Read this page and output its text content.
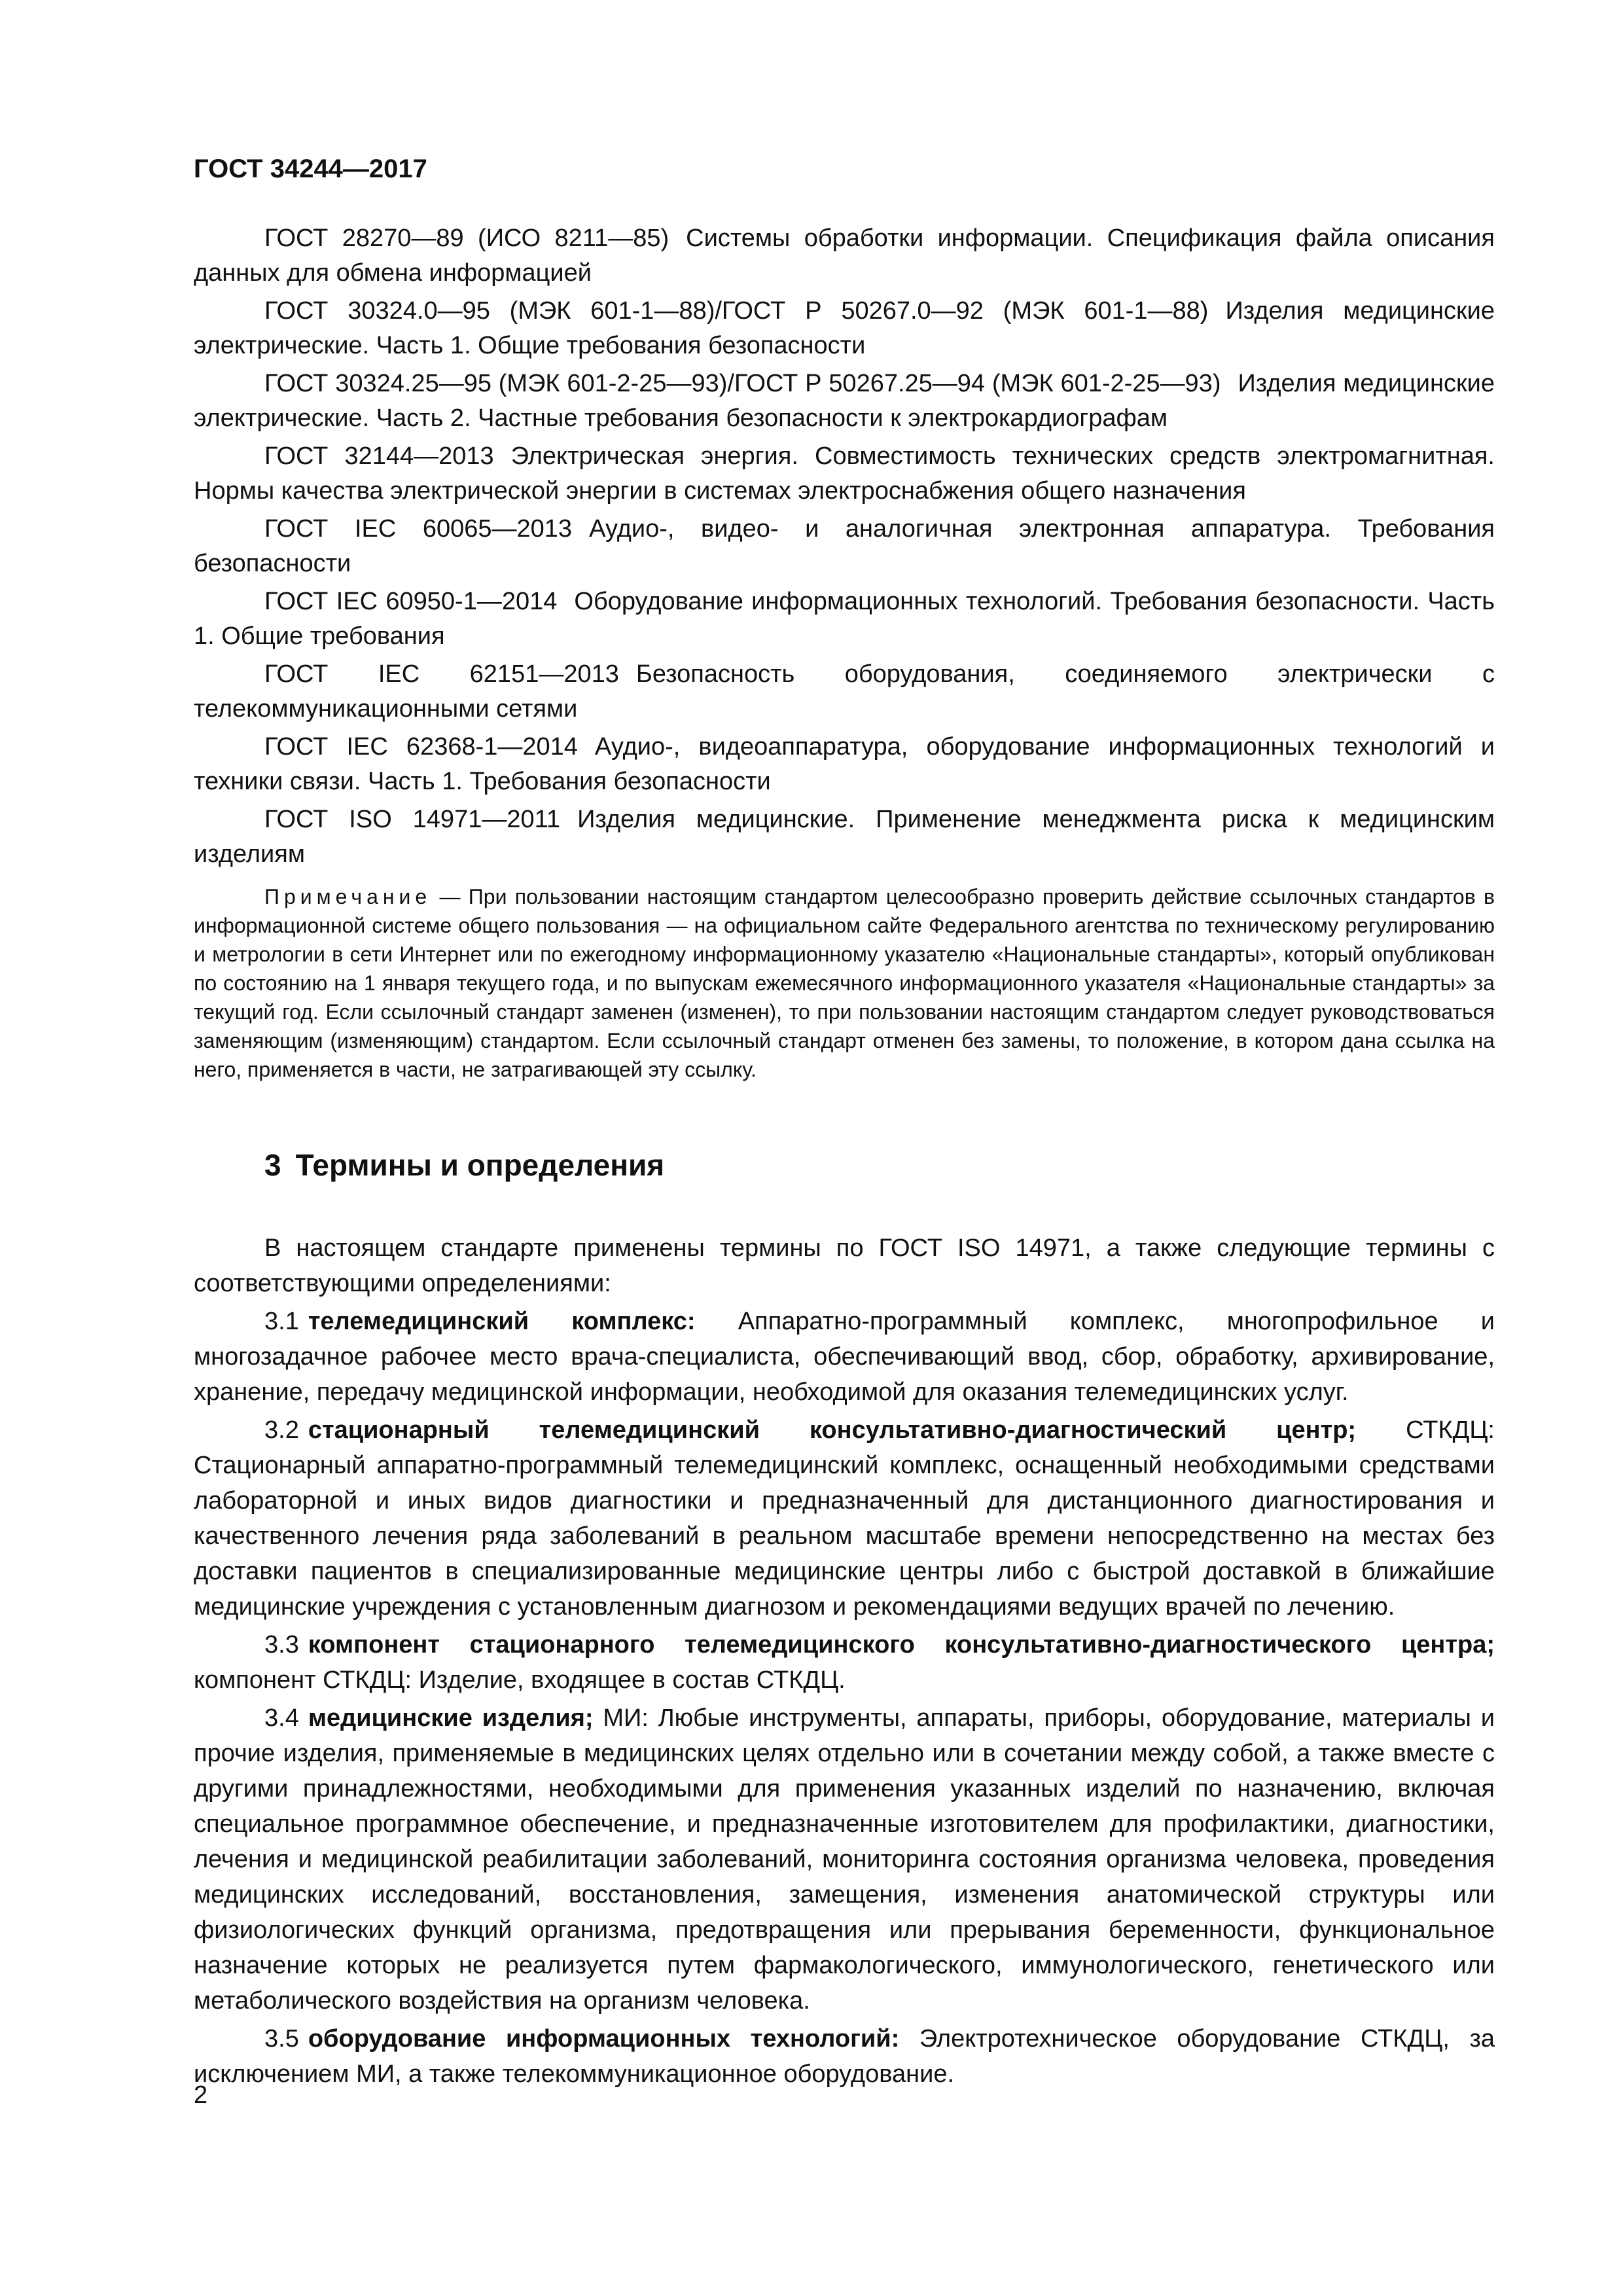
ГОСТ 34244—2017

ГОСТ 28270—89 (ИСО 8211—85) Системы обработки информации. Спецификация файла описания данных для обмена информацией

ГОСТ 30324.0—95 (МЭК 601-1—88)/ГОСТ Р 50267.0—92 (МЭК 601-1—88) Изделия медицинские электрические. Часть 1. Общие требования безопасности

ГОСТ 30324.25—95 (МЭК 601-2-25—93)/ГОСТ Р 50267.25—94 (МЭК 601-2-25—93) Изделия медицинские электрические. Часть 2. Частные требования безопасности к электрокардиографам

ГОСТ 32144—2013 Электрическая энергия. Совместимость технических средств электромагнитная. Нормы качества электрической энергии в системах электроснабжения общего назначения

ГОСТ IEC 60065—2013 Аудио-, видео- и аналогичная электронная аппаратура. Требования безопасности

ГОСТ IEC 60950-1—2014 Оборудование информационных технологий. Требования безопасности. Часть 1. Общие требования

ГОСТ IEC 62151—2013 Безопасность оборудования, соединяемого электрически с телекоммуникационными сетями

ГОСТ IEC 62368-1—2014 Аудио-, видеоаппаратура, оборудование информационных технологий и техники связи. Часть 1. Требования безопасности

ГОСТ ISO 14971—2011 Изделия медицинские. Применение менеджмента риска к медицинским изделиям

Примечание — При пользовании настоящим стандартом целесообразно проверить действие ссылочных стандартов в информационной системе общего пользования — на официальном сайте Федерального агентства по техническому регулированию и метрологии в сети Интернет или по ежегодному информационному указателю «Национальные стандарты», который опубликован по состоянию на 1 января текущего года, и по выпускам ежемесячного информационного указателя «Национальные стандарты» за текущий год. Если ссылочный стандарт заменен (изменен), то при пользовании настоящим стандартом следует руководствоваться заменяющим (изменяющим) стандартом. Если ссылочный стандарт отменен без замены, то положение, в котором дана ссылка на него, применяется в части, не затрагивающей эту ссылку.

3 Термины и определения

В настоящем стандарте применены термины по ГОСТ ISO 14971, а также следующие термины с соответствующими определениями:

3.1 телемедицинский комплекс: Аппаратно-программный комплекс, многопрофильное и многозадачное рабочее место врача-специалиста, обеспечивающий ввод, сбор, обработку, архивирование, хранение, передачу медицинской информации, необходимой для оказания телемедицинских услуг.

3.2 стационарный телемедицинский консультативно-диагностический центр; СТКДЦ: Стационарный аппаратно-программный телемедицинский комплекс, оснащенный необходимыми средствами лабораторной и иных видов диагностики и предназначенный для дистанционного диагностирования и качественного лечения ряда заболеваний в реальном масштабе времени непосредственно на местах без доставки пациентов в специализированные медицинские центры либо с быстрой доставкой в ближайшие медицинские учреждения с установленным диагнозом и рекомендациями ведущих врачей по лечению.

3.3 компонент стационарного телемедицинского консультативно-диагностического центра; компонент СТКДЦ: Изделие, входящее в состав СТКДЦ.

3.4 медицинские изделия; МИ: Любые инструменты, аппараты, приборы, оборудование, материалы и прочие изделия, применяемые в медицинских целях отдельно или в сочетании между собой, а также вместе с другими принадлежностями, необходимыми для применения указанных изделий по назначению, включая специальное программное обеспечение, и предназначенные изготовителем для профилактики, диагностики, лечения и медицинской реабилитации заболеваний, мониторинга состояния организма человека, проведения медицинских исследований, восстановления, замещения, изменения анатомической структуры или физиологических функций организма, предотвращения или прерывания беременности, функциональное назначение которых не реализуется путем фармакологического, иммунологического, генетического или метаболического воздействия на организм человека.

3.5 оборудование информационных технологий: Электротехническое оборудование СТКДЦ, за исключением МИ, а также телекоммуникационное оборудование.

2
